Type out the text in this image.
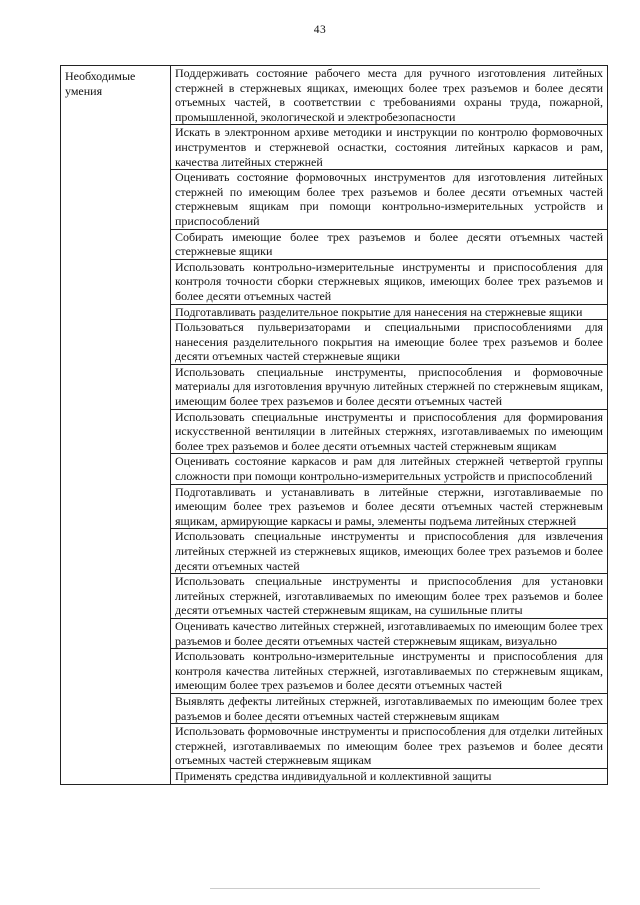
43
Необходимые умения	Поддерживать состояние рабочего места для ручного изготовления литейных стержней в стержневых ящиках, имеющих более трех разъемов и более десяти отъемных частей, в соответствии с требованиями охраны труда, пожарной, промышленной, экологической и электробезопасности
Искать в электронном архиве методики и инструкции по контролю формовочных инструментов и стержневой оснастки, состояния литейных каркасов и рам, качества литейных стержней
Оценивать состояние формовочных инструментов для изготовления литейных стержней по имеющим более трех разъемов и более десяти отъемных частей стержневым ящикам при помощи контрольно-измерительных устройств и приспособлений
Собирать имеющие более трех разъемов и более десяти отъемных частей стержневые ящики
Использовать контрольно-измерительные инструменты и приспособления для контроля точности сборки стержневых ящиков, имеющих более трех разъемов и более десяти отъемных частей
Подготавливать разделительное покрытие для нанесения на стержневые ящики
Пользоваться пульверизаторами и специальными приспособлениями для нанесения разделительного покрытия на имеющие более трех разъемов и более десяти отъемных частей стержневые ящики
Использовать специальные инструменты, приспособления и формовочные материалы для изготовления вручную литейных стержней по стержневым ящикам, имеющим более трех разъемов и более десяти отъемных частей
Использовать специальные инструменты и приспособления для формирования искусственной вентиляции в литейных стержнях, изготавливаемых по имеющим более трех разъемов и более десяти отъемных частей стержневым ящикам
Оценивать состояние каркасов и рам для литейных стержней четвертой группы сложности при помощи контрольно-измерительных устройств и приспособлений
Подготавливать и устанавливать в литейные стержни, изготавливаемые по имеющим более трех разъемов и более десяти отъемных частей стержневым ящикам, армирующие каркасы и рамы, элементы подъема литейных стержней
Использовать специальные инструменты и приспособления для извлечения литейных стержней из стержневых ящиков, имеющих более трех разъемов и более десяти отъемных частей
Использовать специальные инструменты и приспособления для установки литейных стержней, изготавливаемых по имеющим более трех разъемов и более десяти отъемных частей стержневым ящикам, на сушильные плиты
Оценивать качество литейных стержней, изготавливаемых по имеющим более трех разъемов и более десяти отъемных частей стержневым ящикам, визуально
Использовать контрольно-измерительные инструменты и приспособления для контроля качества литейных стержней, изготавливаемых по стержневым ящикам, имеющим более трех разъемов и более десяти отъемных частей
Выявлять дефекты литейных стержней, изготавливаемых по имеющим более трех разъемов и более десяти отъемных частей стержневым ящикам
Использовать формовочные инструменты и приспособления для отделки литейных стержней, изготавливаемых по имеющим более трех разъемов и более десяти отъемных частей стержневым ящикам
Применять средства индивидуальной и коллективной защиты
